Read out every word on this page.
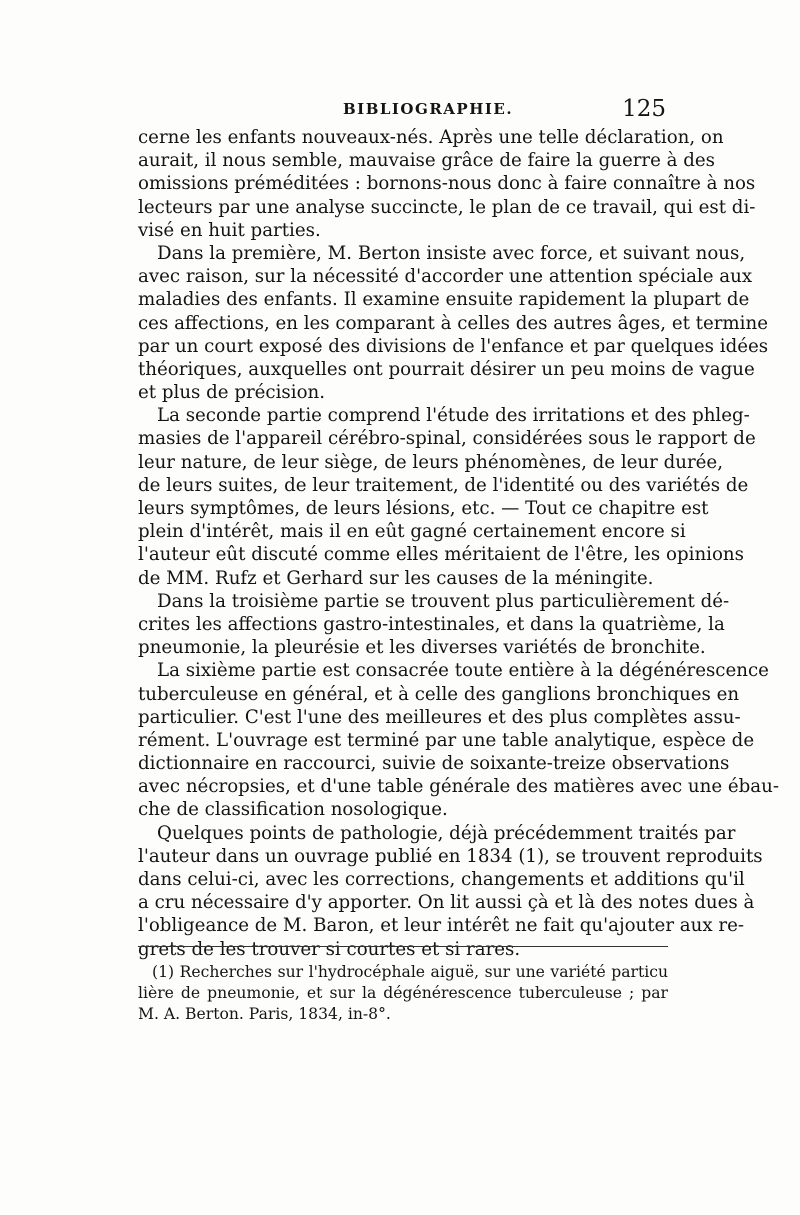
BIBLIOGRAPHIE.	125
cerne les enfants nouveaux-nés. Après une telle déclaration, on
aurait, il nous semble, mauvaise grâce de faire la guerre à des
omissions préméditées : bornons-nous donc à faire connaître à nos
lecteurs par une analyse succincte, le plan de ce travail, qui est di-
visé en huit parties.
Dans la première, M. Berton insiste avec force, et suivant nous,
avec raison, sur la nécessité d'accorder une attention spéciale aux
maladies des enfants. Il examine ensuite rapidement la plupart de
ces affections, en les comparant à celles des autres âges, et termine
par un court exposé des divisions de l'enfance et par quelques idées
théoriques, auxquelles ont pourrait désirer un peu moins de vague
et plus de précision.
La seconde partie comprend l'étude des irritations et des phleg-
masies de l'appareil cérébro-spinal, considérées sous le rapport de
leur nature, de leur siège, de leurs phénomènes, de leur durée,
de leurs suites, de leur traitement, de l'identité ou des variétés de
leurs symptômes, de leurs lésions, etc. — Tout ce chapitre est
plein d'intérêt, mais il en eût gagné certainement encore si
l'auteur eût discuté comme elles méritaient de l'être, les opinions
de MM. Rufz et Gerhard sur les causes de la méningite.
Dans la troisième partie se trouvent plus particulièrement dé-
crites les affections gastro-intestinales, et dans la quatrième, la
pneumonie, la pleurésie et les diverses variétés de bronchite.
La sixième partie est consacrée toute entière à la dégénérescence
tuberculeuse en général, et à celle des ganglions bronchiques en
particulier. C'est l'une des meilleures et des plus complètes assu-
rément. L'ouvrage est terminé par une table analytique, espèce de
dictionnaire en raccourci, suivie de soixante-treize observations
avec nécropsies, et d'une table générale des matières avec une ébau-
che de classification nosologique.
Quelques points de pathologie, déjà précédemment traités par
l'auteur dans un ouvrage publié en 1834 (1), se trouvent reproduits
dans celui-ci, avec les corrections, changements et additions qu'il
a cru nécessaire d'y apporter. On lit aussi çà et là des notes dues à
l'obligeance de M. Baron, et leur intérêt ne fait qu'ajouter aux re-
grets de les trouver si courtes et si rares.
(1) Recherches sur l'hydrocéphale aiguë, sur une variété particu
lière de pneumonie, et sur la dégénérescence tuberculeuse ; par
M. A. Berton. Paris, 1834, in-8°.
